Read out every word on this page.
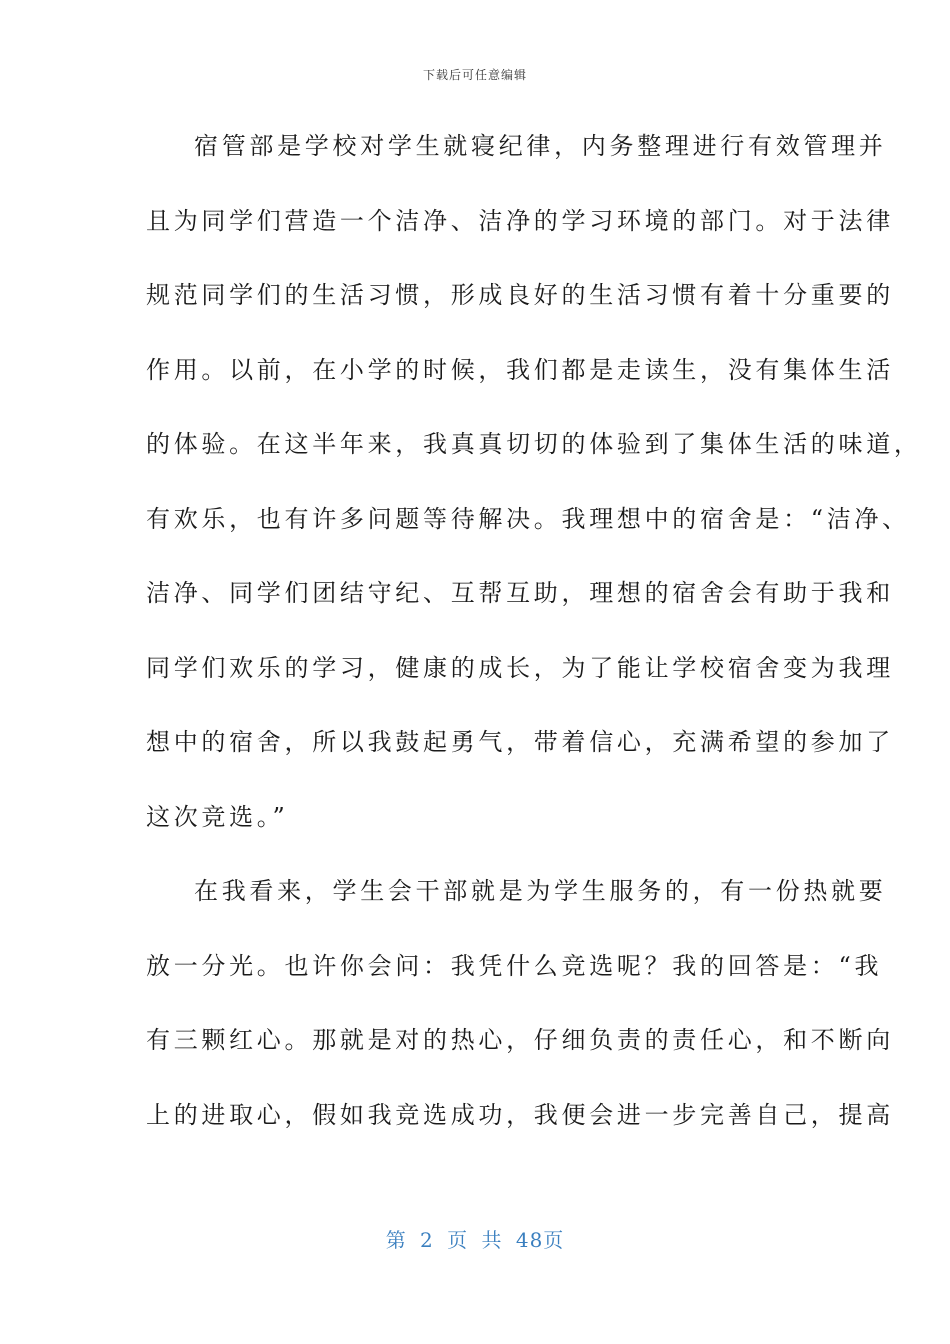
下载后可任意编辑
宿管部是学校对学生就寝纪律，内务整理进行有效管理并
且为同学们营造一个洁净、洁净的学习环境的部门。对于法律
规范同学们的生活习惯，形成良好的生活习惯有着十分重要的
作用。以前，在小学的时候，我们都是走读生，没有集体生活
的体验。在这半年来，我真真切切的体验到了集体生活的味道，
有欢乐，也有许多问题等待解决。我理想中的宿舍是：“洁净、
洁净、同学们团结守纪、互帮互助，理想的宿舍会有助于我和
同学们欢乐的学习，健康的成长，为了能让学校宿舍变为我理
想中的宿舍，所以我鼓起勇气，带着信心，充满希望的参加了
这次竞选。”
在我看来，学生会干部就是为学生服务的，有一份热就要
放一分光。也许你会问：我凭什么竞选呢？我的回答是：“我
有三颗红心。那就是对的热心，仔细负责的责任心，和不断向
上的进取心，假如我竞选成功，我便会进一步完善自己，提高
第 2 页 共 48页
